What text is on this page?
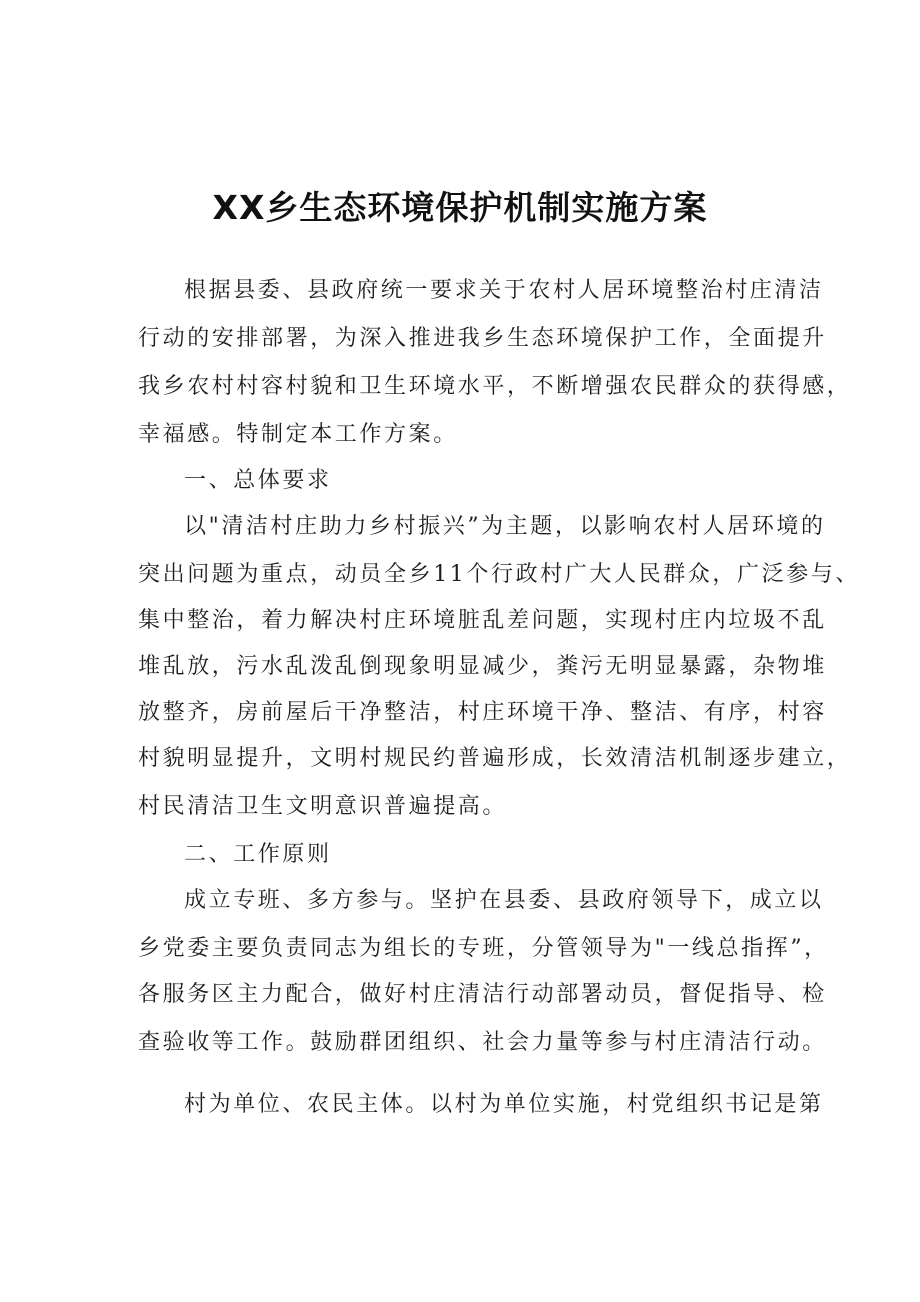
XX乡生态环境保护机制实施方案
根据县委、县政府统一要求关于农村人居环境整治村庄清洁
行动的安排部署，为深入推进我乡生态环境保护工作，全面提升
我乡农村村容村貌和卫生环境水平，不断增强农民群众的获得感，
幸福感。特制定本工作方案。
一、总体要求
以"清洁村庄助力乡村振兴”为主题，以影响农村人居环境的
突出问题为重点，动员全乡11个行政村广大人民群众，广泛参与、
集中整治，着力解决村庄环境脏乱差问题，实现村庄内垃圾不乱
堆乱放，污水乱泼乱倒现象明显减少，粪污无明显暴露，杂物堆
放整齐，房前屋后干净整洁，村庄环境干净、整洁、有序，村容
村貌明显提升，文明村规民约普遍形成，长效清洁机制逐步建立，
村民清洁卫生文明意识普遍提高。
二、工作原则
成立专班、多方参与。坚护在县委、县政府领导下，成立以
乡党委主要负责同志为组长的专班，分管领导为"一线总指挥”，
各服务区主力配合，做好村庄清洁行动部署动员，督促指导、检
查验收等工作。鼓励群团组织、社会力量等参与村庄清洁行动。
村为单位、农民主体。以村为单位实施，村党组织书记是第
